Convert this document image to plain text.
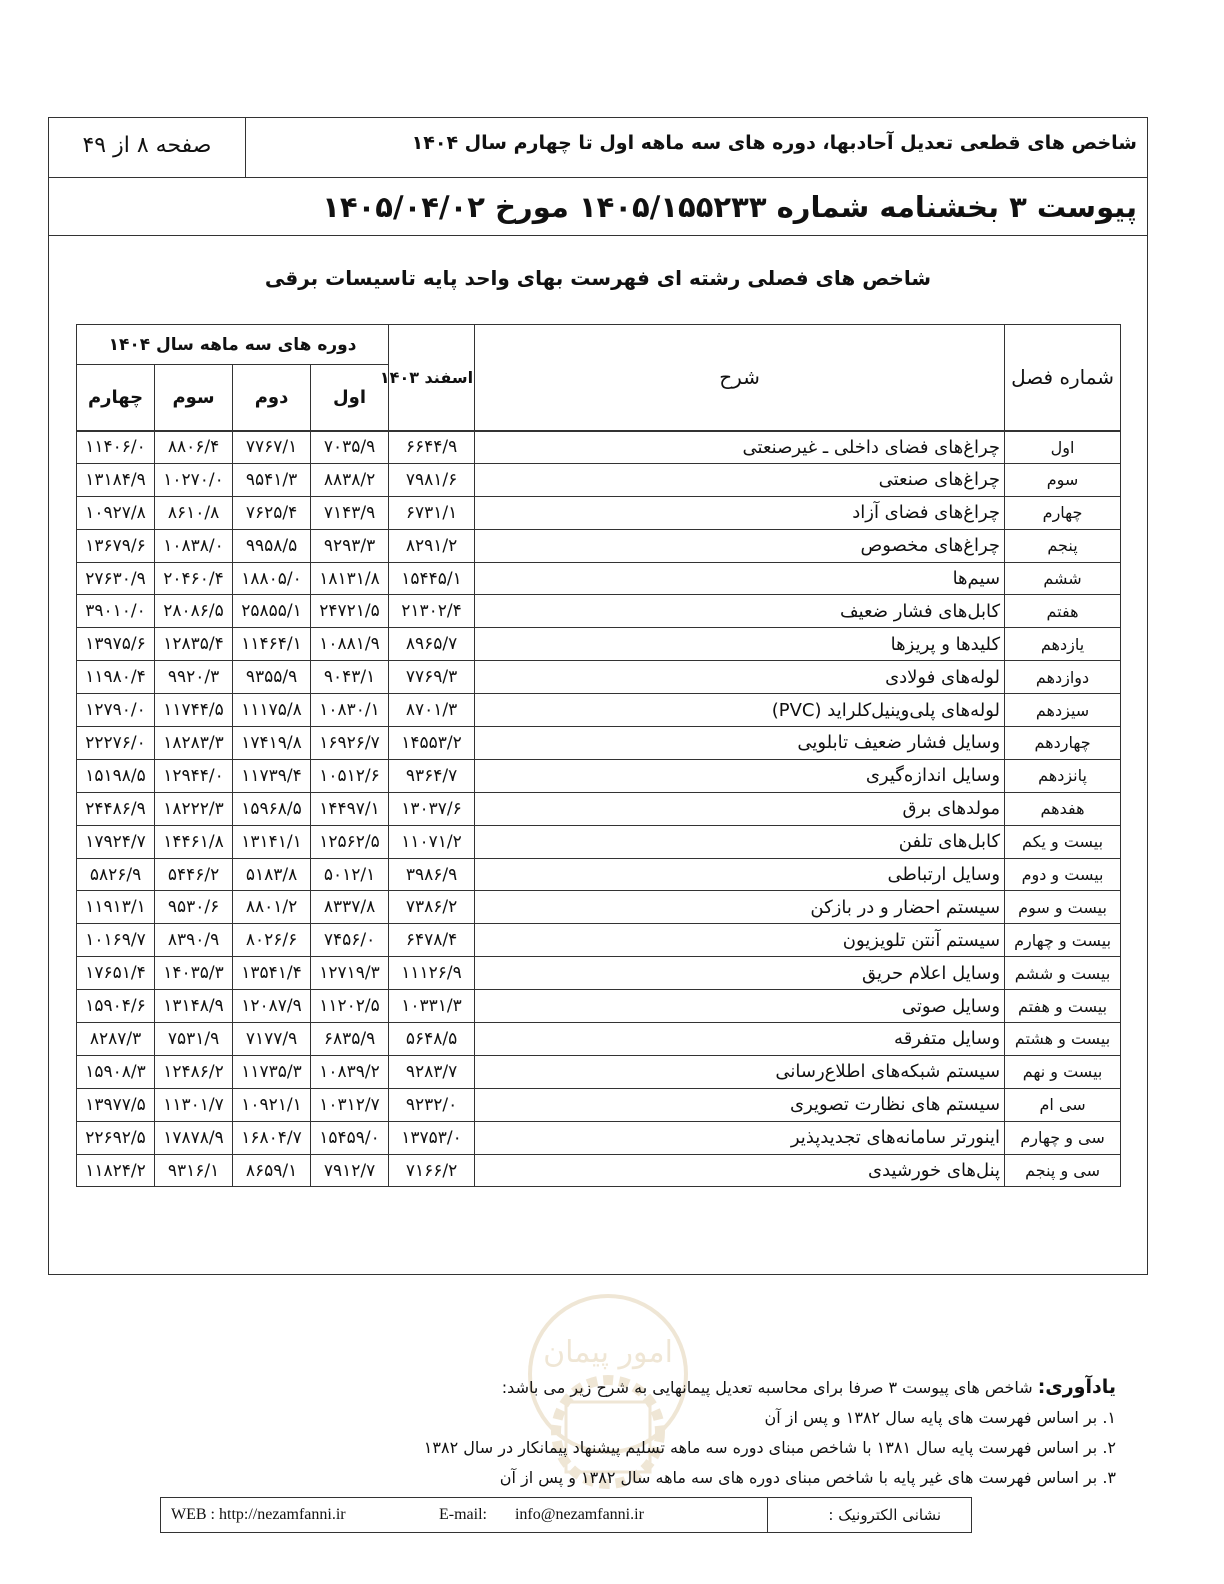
شاخص های قطعی تعدیل آحادبها، دوره های سه ماهه اول تا چهارم سال ۱۴۰۴
صفحه ۸ از ۴۹
پیوست ۳ بخشنامه شماره ۱۴۰۵/۱۵۵۲۳۳ مورخ ۱۴۰۵/۰۴/۰۲
شاخص های فصلی رشته ای فهرست بهای واحد پایه تاسیسات برقی
شماره فصل	شرح	اسفند ۱۴۰۳	دوره های سه ماهه سال ۱۴۰۴			
			اول	دوم	سوم	چهارم
اول	چراغ‌های فضای داخلی ـ غیرصنعتی	۶۶۴۴/۹	۷۰۳۵/۹	۷۷۶۷/۱	۸۸۰۶/۴	۱۱۴۰۶/۰
سوم	چراغ‌های صنعتی	۷۹۸۱/۶	۸۸۳۸/۲	۹۵۴۱/۳	۱۰۲۷۰/۰	۱۳۱۸۴/۹
چهارم	چراغ‌های فضای آزاد	۶۷۳۱/۱	۷۱۴۳/۹	۷۶۲۵/۴	۸۶۱۰/۸	۱۰۹۲۷/۸
پنجم	چراغ‌های مخصوص	۸۲۹۱/۲	۹۲۹۳/۳	۹۹۵۸/۵	۱۰۸۳۸/۰	۱۳۶۷۹/۶
ششم	سیم‌ها	۱۵۴۴۵/۱	۱۸۱۳۱/۸	۱۸۸۰۵/۰	۲۰۴۶۰/۴	۲۷۶۳۰/۹
هفتم	کابل‌های فشار ضعیف	۲۱۳۰۲/۴	۲۴۷۲۱/۵	۲۵۸۵۵/۱	۲۸۰۸۶/۵	۳۹۰۱۰/۰
یازدهم	کلیدها و پریزها	۸۹۶۵/۷	۱۰۸۸۱/۹	۱۱۴۶۴/۱	۱۲۸۳۵/۴	۱۳۹۷۵/۶
دوازدهم	لوله‌های فولادی	۷۷۶۹/۳	۹۰۴۳/۱	۹۳۵۵/۹	۹۹۲۰/۳	۱۱۹۸۰/۴
سیزدهم	لوله‌های پلی‌وینیل‌کلراید (PVC)	۸۷۰۱/۳	۱۰۸۳۰/۱	۱۱۱۷۵/۸	۱۱۷۴۴/۵	۱۲۷۹۰/۰
چهاردهم	وسایل فشار ضعیف تابلویی	۱۴۵۵۳/۲	۱۶۹۲۶/۷	۱۷۴۱۹/۸	۱۸۲۸۳/۳	۲۲۲۷۶/۰
پانزدهم	وسایل اندازه‌گیری	۹۳۶۴/۷	۱۰۵۱۲/۶	۱۱۷۳۹/۴	۱۲۹۴۴/۰	۱۵۱۹۸/۵
هفدهم	مولدهای برق	۱۳۰۳۷/۶	۱۴۴۹۷/۱	۱۵۹۶۸/۵	۱۸۲۲۲/۳	۲۴۴۸۶/۹
بیست و یکم	کابل‌های تلفن	۱۱۰۷۱/۲	۱۲۵۶۲/۵	۱۳۱۴۱/۱	۱۴۴۶۱/۸	۱۷۹۲۴/۷
بیست و دوم	وسایل ارتباطی	۳۹۸۶/۹	۵۰۱۲/۱	۵۱۸۳/۸	۵۴۴۶/۲	۵۸۲۶/۹
بیست و سوم	سیستم احضار و در بازکن	۷۳۸۶/۲	۸۳۳۷/۸	۸۸۰۱/۲	۹۵۳۰/۶	۱۱۹۱۳/۱
بیست و چهارم	سیستم آنتن تلویزیون	۶۴۷۸/۴	۷۴۵۶/۰	۸۰۲۶/۶	۸۳۹۰/۹	۱۰۱۶۹/۷
بیست و ششم	وسایل اعلام حریق	۱۱۱۲۶/۹	۱۲۷۱۹/۳	۱۳۵۴۱/۴	۱۴۰۳۵/۳	۱۷۶۵۱/۴
بیست و هفتم	وسایل صوتی	۱۰۳۳۱/۳	۱۱۲۰۲/۵	۱۲۰۸۷/۹	۱۳۱۴۸/۹	۱۵۹۰۴/۶
بیست و هشتم	وسایل متفرقه	۵۶۴۸/۵	۶۸۳۵/۹	۷۱۷۷/۹	۷۵۳۱/۹	۸۲۸۷/۳
بیست و نهم	سیستم شبکه‌های اطلاع‌رسانی	۹۲۸۳/۷	۱۰۸۳۹/۲	۱۱۷۳۵/۳	۱۲۴۸۶/۲	۱۵۹۰۸/۳
سی ام	سیستم های نظارت تصویری	۹۲۳۲/۰	۱۰۳۱۲/۷	۱۰۹۲۱/۱	۱۱۳۰۱/۷	۱۳۹۷۷/۵
سی و چهارم	اینورتر سامانه‌های تجدیدپذیر	۱۳۷۵۳/۰	۱۵۴۵۹/۰	۱۶۸۰۴/۷	۱۷۸۷۸/۹	۲۲۶۹۲/۵
سی و پنجم	پنل‌های خورشیدی	۷۱۶۶/۲	۷۹۱۲/۷	۸۶۵۹/۱	۹۳۱۶/۱	۱۱۸۲۴/۲
امور پیمان
یادآوری: شاخص های پیوست ۳ صرفا برای محاسبه تعدیل پیمانهایی به شرح زیر می باشد:
۱. بر اساس فهرست های پایه سال ۱۳۸۲ و پس از آن
۲. بر اساس فهرست پایه سال ۱۳۸۱ با شاخص مبنای دوره سه ماهه تسلیم پیشنهاد پیمانکار در سال ۱۳۸۲
۳. بر اساس فهرست های غیر پایه با شاخص مبنای دوره های سه ماهه سال ۱۳۸۲ و پس از آن
نشانی الکترونیک :
WEB : http://nezamfanni.ir	E-mail: info@nezamfanni.ir
